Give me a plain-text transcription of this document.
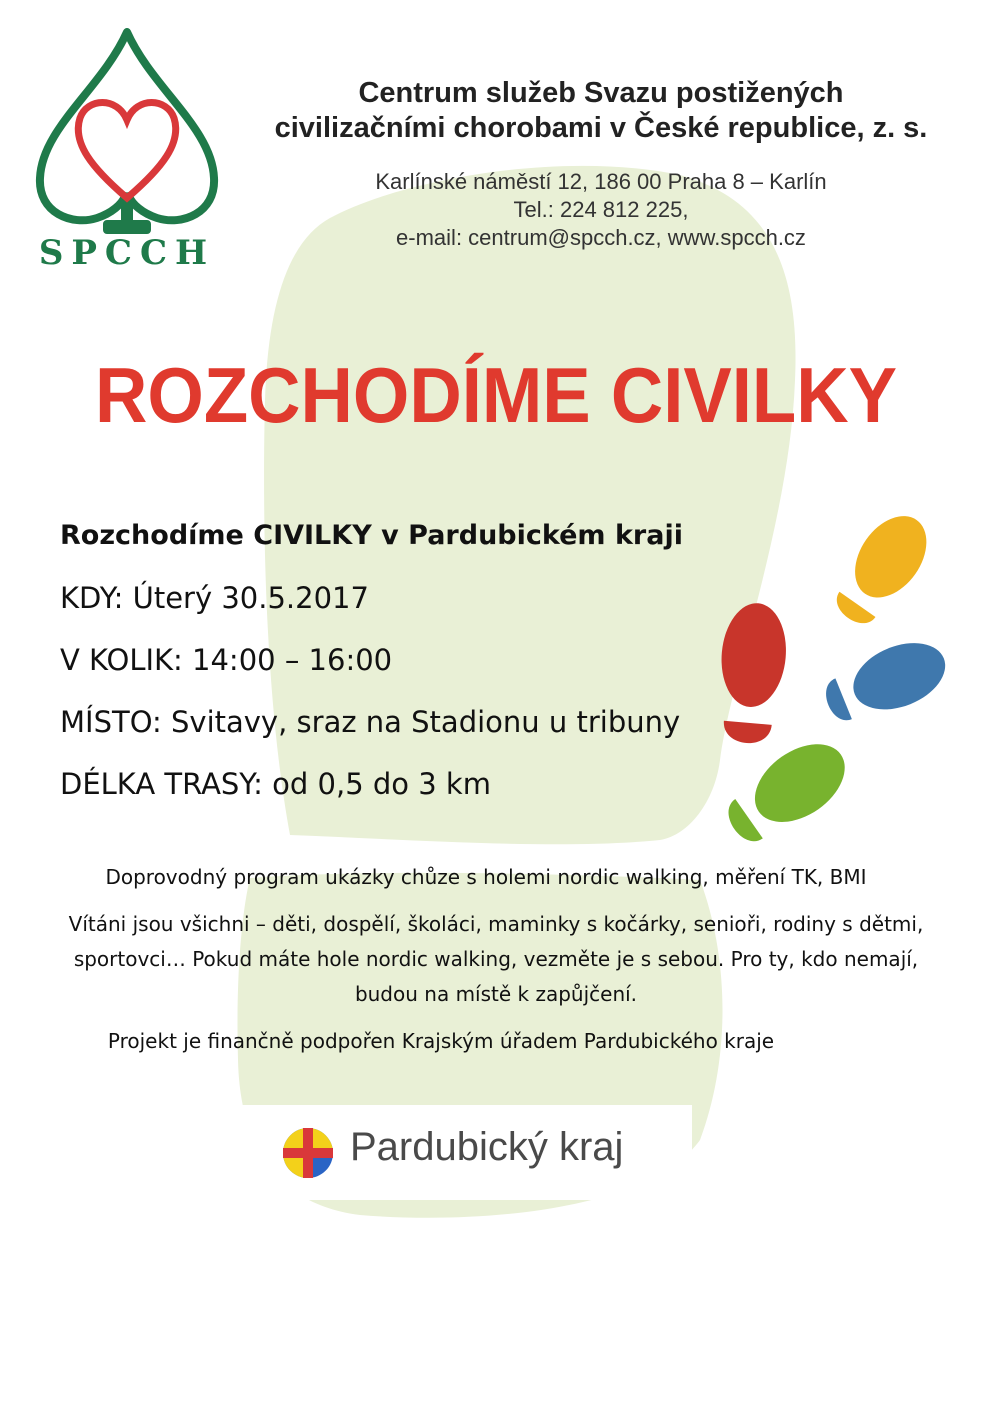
SPCCH
Centrum služeb Svazu postižených
civilizačními chorobami v České republice, z. s.
Karlínské náměstí 12, 186 00 Praha 8 – Karlín
Tel.: 224 812 225,
e-mail: centrum@spcch.cz, www.spcch.cz
ROZCHODÍME CIVILKY
Rozchodíme CIVILKY v Pardubickém kraji
KDY: Úterý 30.5.2017
V KOLIK: 14:00 – 16:00
MÍSTO: Svitavy, sraz na Stadionu u tribuny
DÉLKA TRASY: od 0,5 do 3 km

Doprovodný program ukázky chůze s holemi nordic walking, měření TK, BMI

Vítáni jsou všichni – děti, dospělí, školáci, maminky s kočárky, senioři, rodiny s dětmi, sportovci… Pokud máte hole nordic walking, vezměte je s sebou. Pro ty, kdo nemají, budou na místě k zapůjčení.

Projekt je finančně podpořen Krajským úřadem Pardubického kraje

Pardubický kraj
